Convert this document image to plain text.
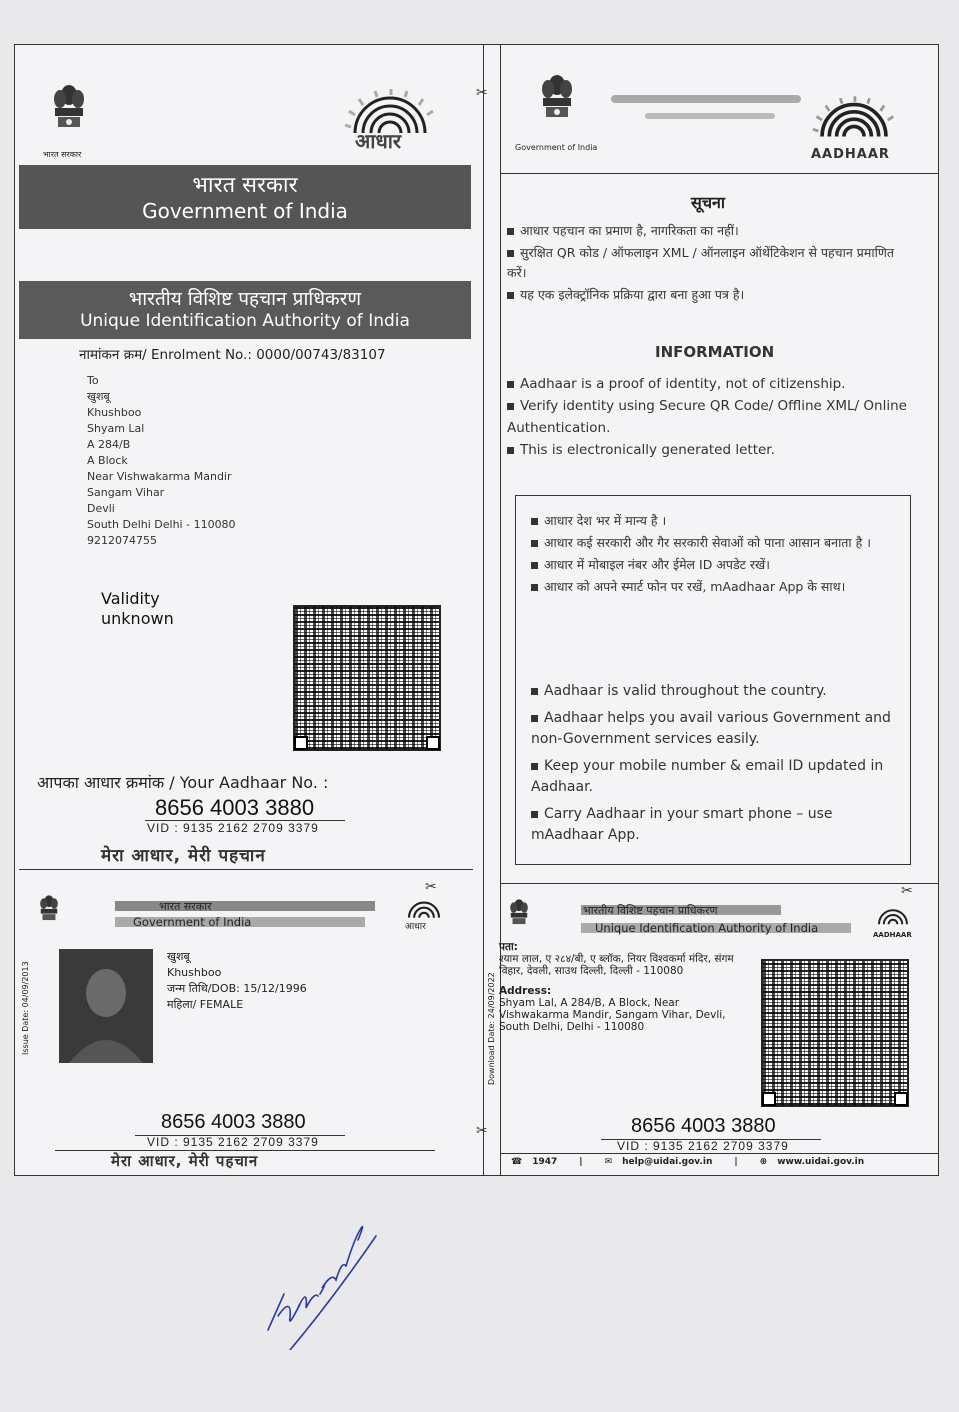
✂
✂
भारत सरकार
आधार
भारत सरकार
Government of India
भारतीय विशिष्ट पहचान प्राधिकरण
Unique Identification Authority of India
नामांकन क्रम/ Enrolment No.: 0000/00743/83107
To
खुशबू
Khushboo
Shyam Lal
A 284/B
A Block
Near Vishwakarma Mandir
Sangam Vihar
Devli
South Delhi Delhi - 110080
9212074755
Validity
unknown
आपका आधार क्रमांक / Your Aadhaar No. :
8656 4003 3880
VID : 9135 2162 2709 3379
मेरा आधार, मेरी पहचान
✂
भारत सरकार
Government of India	आधार
Issue Date: 04/09/2013
खुशबू
Khushboo
जन्म तिथि/DOB: 15/12/1996
महिला/ FEMALE
8656 4003 3880
VID : 9135 2162 2709 3379
मेरा आधार, मेरी पहचान
Government of India	AADHAAR
सूचना
आधार पहचान का प्रमाण है, नागरिकता का नहीं।
सुरक्षित QR कोड / ऑफलाइन XML / ऑनलाइन ऑथेंटिकेशन से पहचान प्रमाणित करें।
यह एक इलेक्ट्रॉनिक प्रक्रिया द्वारा बना हुआ पत्र है।
INFORMATION
Aadhaar is a proof of identity, not of citizenship.
Verify identity using Secure QR Code/ Offline XML/ Online Authentication.
This is electronically generated letter.
आधार देश भर में मान्य है ।
आधार कई सरकारी और गैर सरकारी सेवाओं को पाना आसान बनाता है ।
आधार में मोबाइल नंबर और ईमेल ID अपडेट रखें।
आधार को अपने स्मार्ट फोन पर रखें, mAadhaar App के साथ।
Aadhaar is valid throughout the country.
Aadhaar helps you avail various Government and non-Government services easily.
Keep your mobile number & email ID updated in Aadhaar.
Carry Aadhaar in your smart phone – use mAadhaar App.
✂
भारतीय विशिष्ट पहचान प्राधिकरण
Unique Identification Authority of India	AADHAAR
Download Date: 24/09/2022
पता:
श्याम लाल, ए २८४/बी, ए ब्लॉक, नियर विश्वकर्मा मंदिर, संगम विहार, देवली, साउथ दिल्ली, दिल्ली - 110080
Address:
Shyam Lal, A 284/B, A Block, Near Vishwakarma Mandir, Sangam Vihar, Devli, South Delhi, Delhi - 110080
8656 4003 3880
VID : 9135 2162 2709 3379
☎ 1947 | ✉ help@uidai.gov.in | ⊕ www.uidai.gov.in
